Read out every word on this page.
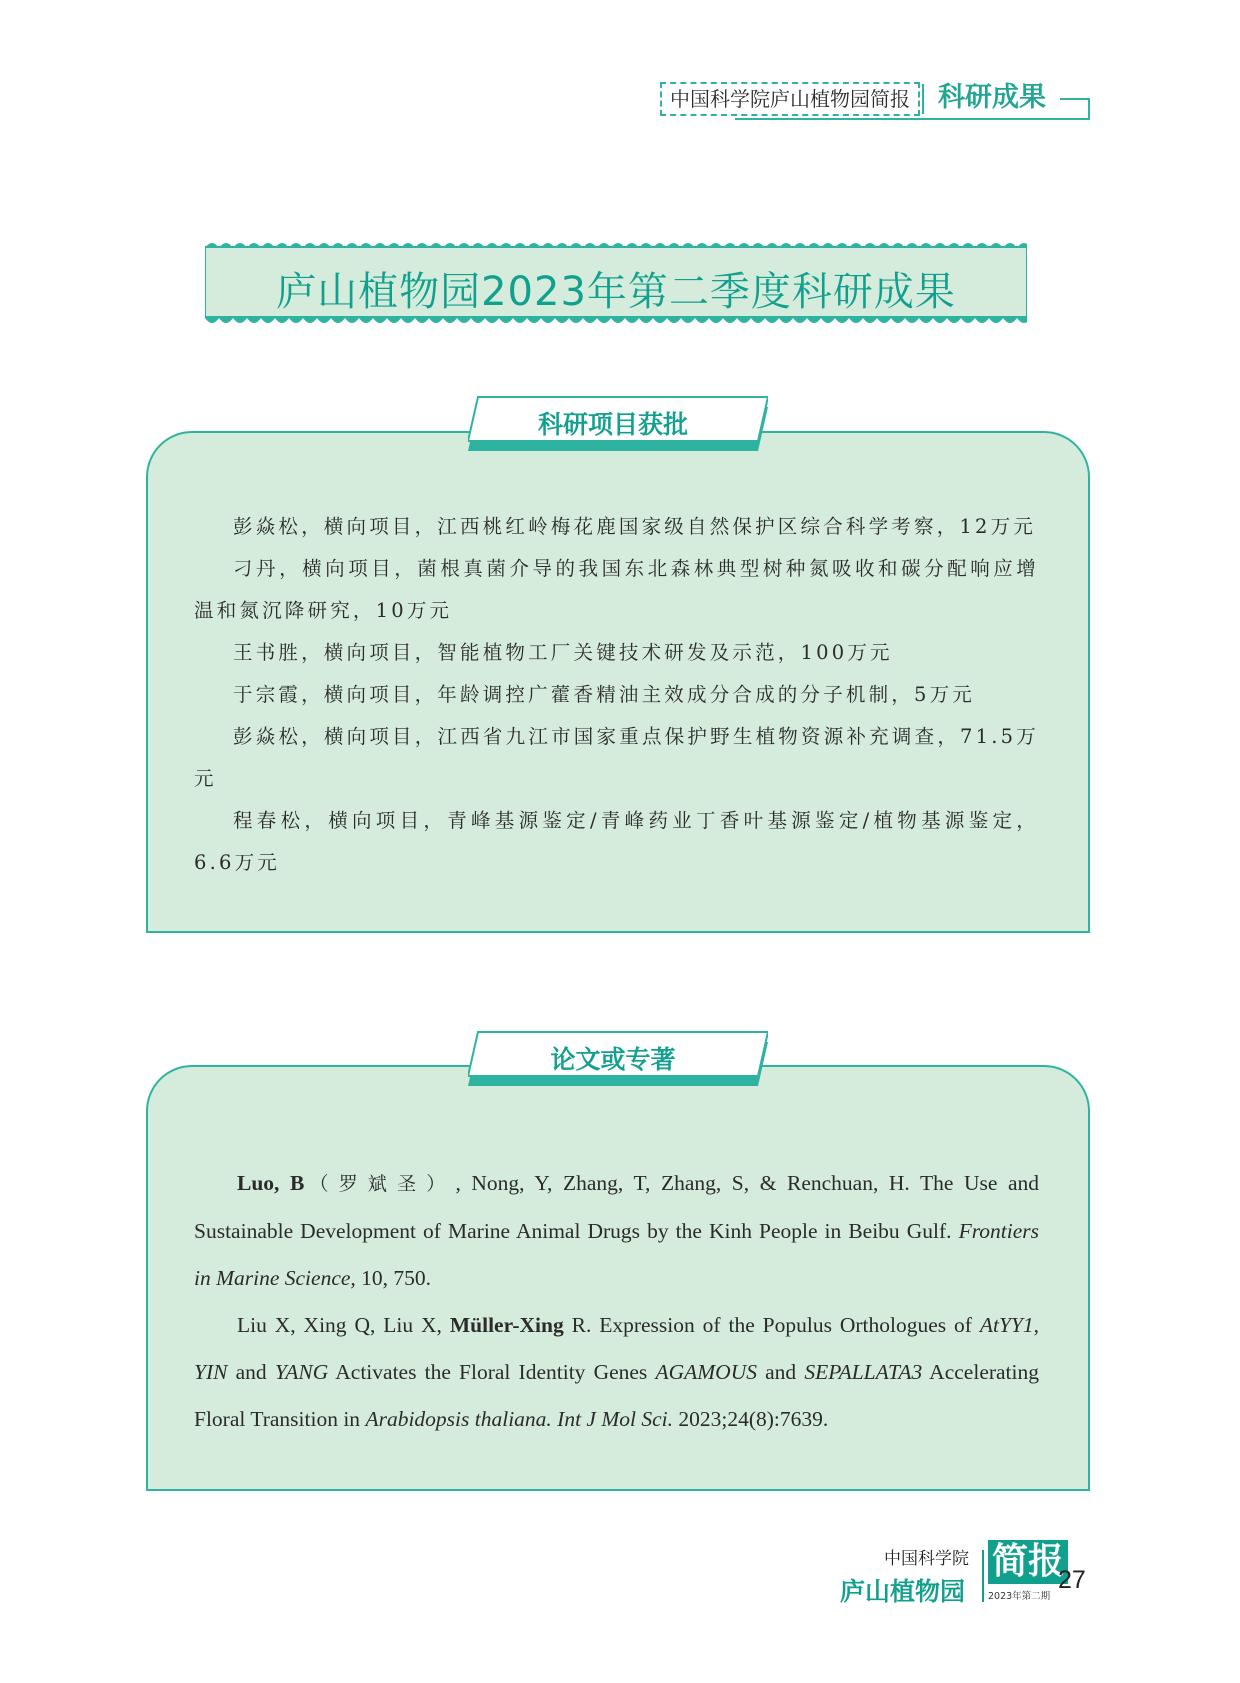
中国科学院庐山植物园简报	科研成果
庐山植物园2023年第二季度科研成果
科研项目获批

彭焱松，横向项目，江西桃红岭梅花鹿国家级自然保护区综合科学考察，12万元

刁丹，横向项目，菌根真菌介导的我国东北森林典型树种氮吸收和碳分配响应增温和氮沉降研究，10万元

王书胜，横向项目，智能植物工厂关键技术研发及示范，100万元

于宗霞，横向项目，年龄调控广藿香精油主效成分合成的分子机制，5万元

彭焱松，横向项目，江西省九江市国家重点保护野生植物资源补充调查，71.5万元

程春松，横向项目，青峰基源鉴定/青峰药业丁香叶基源鉴定/植物基源鉴定，6.6万元

论文或专著

Luo, B（罗斌圣）, Nong, Y, Zhang, T, Zhang, S, & Renchuan, H. The Use and Sustainable Development of Marine Animal Drugs by the Kinh People in Beibu Gulf. Frontiers in Marine Science, 10, 750.

Liu X, Xing Q, Liu X, Müller-Xing R. Expression of the Populus Orthologues of AtYY1, YIN and YANG Activates the Floral Identity Genes AGAMOUS and SEPALLATA3 Accelerating Floral Transition in Arabidopsis thaliana. Int J Mol Sci. 2023;24(8):7639.

中国科学院
庐山植物园
简报
2023年第二期
27
